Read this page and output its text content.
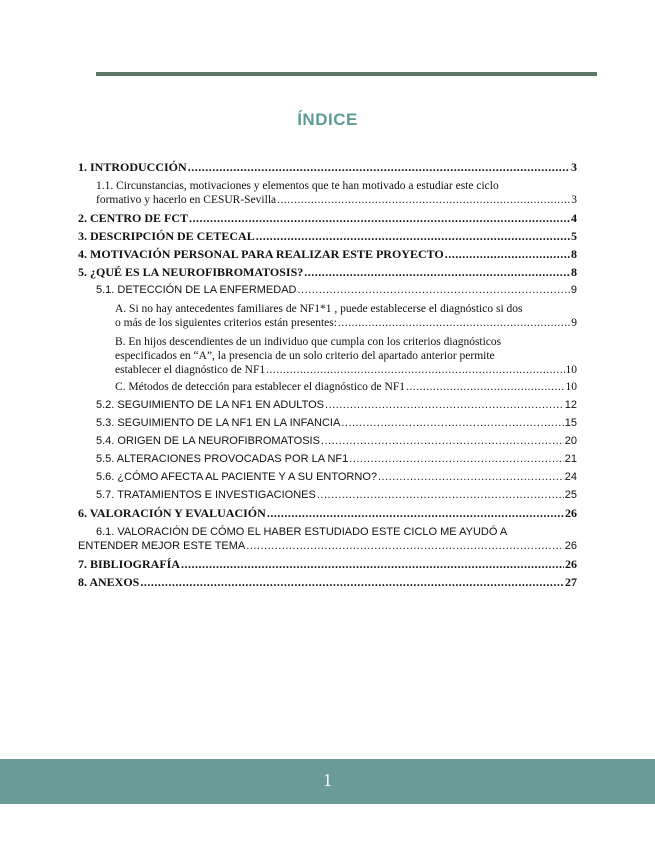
ÍNDICE
1. INTRODUCCIÓN .....	3
1.1. Circunstancias, motivaciones y elementos que te han motivado a estudiar este ciclo
formativo y hacerlo en CESUR-Sevilla .....	3
2. CENTRO DE FCT .....	4
3. DESCRIPCIÓN DE CETECAL .....	5
4. MOTIVACIÓN PERSONAL PARA REALIZAR ESTE PROYECTO .....	8
5. ¿QUÉ ES LA NEUROFIBROMATOSIS? .....	8
5.1. DETECCIÓN DE LA ENFERMEDAD .....	9
A. Si no hay antecedentes familiares de NF1*1 , puede establecerse el diagnóstico si dos
o más de los siguientes criterios están presentes: .....	9
B. En hijos descendientes de un individuo que cumpla con los criterios diagnósticos
especificados en “A”, la presencia de un solo criterio del apartado anterior permite
establecer el diagnóstico de NF1 .....	10
C. Métodos de detección para establecer el diagnóstico de NF1 .....	10
5.2. SEGUIMIENTO DE LA NF1 EN ADULTOS .....	12
5.3. SEGUIMIENTO DE LA NF1 EN LA INFANCIA .....	15
5.4. ORIGEN DE LA NEUROFIBROMATOSIS .....	20
5.5. ALTERACIONES PROVOCADAS POR LA NF1 .....	21
5.6. ¿CÓMO AFECTA AL PACIENTE Y A SU ENTORNO? .....	24
5.7. TRATAMIENTOS E INVESTIGACIONES .....	25
6. VALORACIÓN Y EVALUACIÓN .....	26
6.1. VALORACIÓN DE CÓMO EL HABER ESTUDIADO ESTE CICLO ME AYUDÓ A
ENTENDER MEJOR ESTE TEMA .....	26
7. BIBLIOGRAFÍA .....	26
8. ANEXOS .....	27
1
